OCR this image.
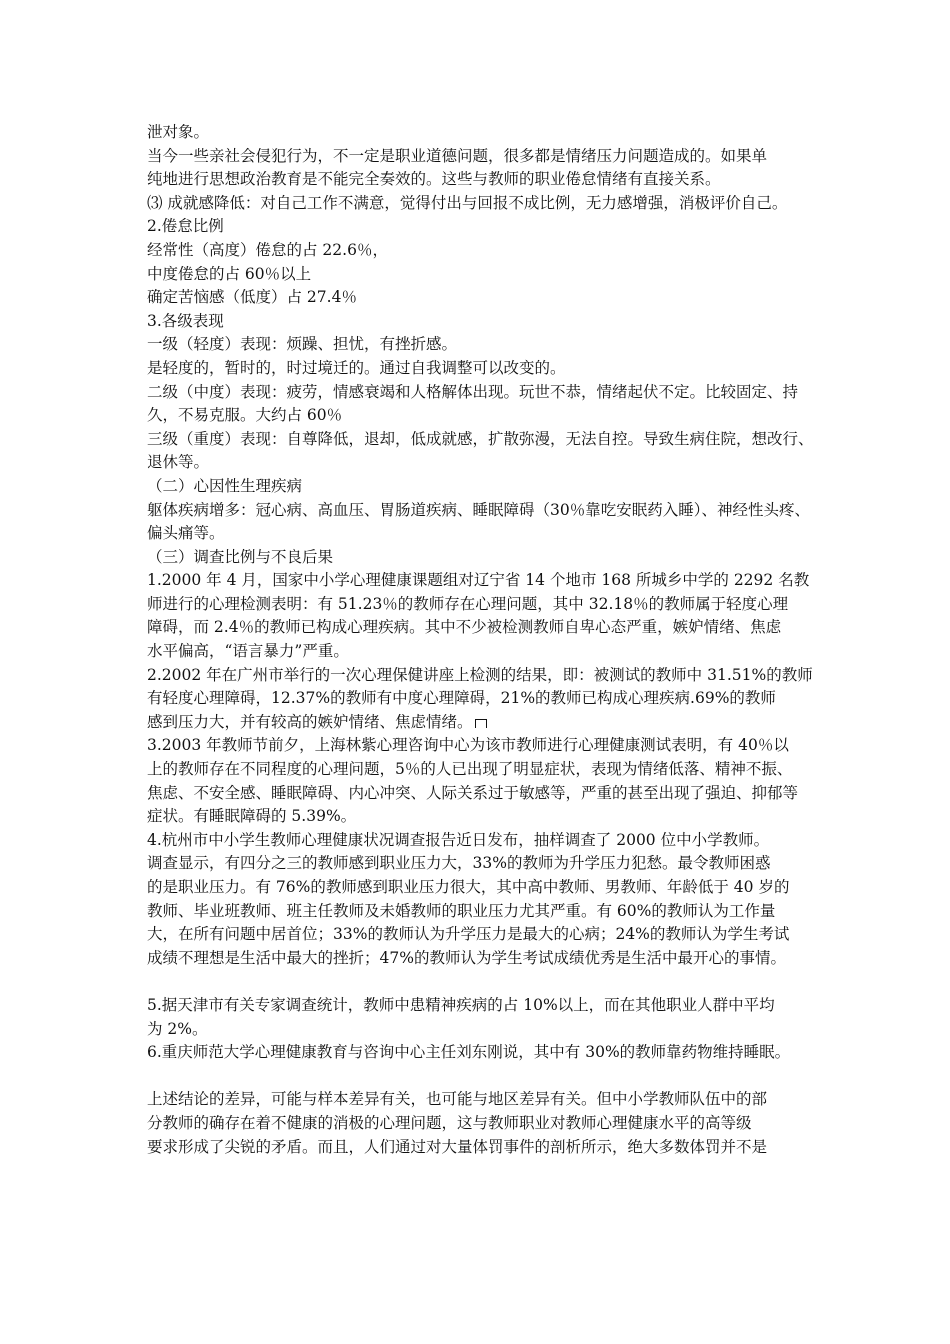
泄对象。
当今一些亲社会侵犯行为，不一定是职业道德问题，很多都是情绪压力问题造成的。如果单
纯地进行思想政治教育是不能完全奏效的。这些与教师的职业倦怠情绪有直接关系。
⑶ 成就感降低：对自己工作不满意，觉得付出与回报不成比例，无力感增强，消极评价自己。
2.倦怠比例
经常性（高度）倦怠的占 22.6％，
中度倦怠的占 60％以上
确定苦恼感（低度）占 27.4％
3.各级表现
一级（轻度）表现：烦躁、担忧，有挫折感。
是轻度的，暂时的，时过境迁的。通过自我调整可以改变的。
二级（中度）表现：疲劳，情感衰竭和人格解体出现。玩世不恭，情绪起伏不定。比较固定、持
久，不易克服。大约占 60％
三级（重度）表现：自尊降低，退却，低成就感，扩散弥漫，无法自控。导致生病住院，想改行、
退休等。
（二）心因性生理疾病
躯体疾病增多：冠心病、高血压、胃肠道疾病、睡眠障碍（30％靠吃安眠药入睡）、神经性头疼、
偏头痛等。
（三）调查比例与不良后果
1.2000 年 4 月，国家中小学心理健康课题组对辽宁省 14 个地市 168 所城乡中学的 2292 名教
师进行的心理检测表明：有 51.23％的教师存在心理问题，其中 32.18％的教师属于轻度心理
障碍，而 2.4％的教师已构成心理疾病。其中不少被检测教师自卑心态严重，嫉妒情绪、焦虑
水平偏高，“语言暴力”严重。
2.2002 年在广州市举行的一次心理保健讲座上检测的结果，即：被测试的教师中 31.51%的教师
有轻度心理障碍，12.37%的教师有中度心理障碍，21%的教师已构成心理疾病.69%的教师
感到压力大，并有较高的嫉妒情绪、焦虑情绪。
3.2003 年教师节前夕，上海林紫心理咨询中心为该市教师进行心理健康测试表明，有 40％以
上的教师存在不同程度的心理问题，5％的人已出现了明显症状，表现为情绪低落、精神不振、
焦虑、不安全感、睡眠障碍、内心冲突、人际关系过于敏感等，严重的甚至出现了强迫、抑郁等
症状。有睡眠障碍的 5.39%。
4.杭州市中小学生教师心理健康状况调查报告近日发布，抽样调查了 2000 位中小学教师。
调查显示，有四分之三的教师感到职业压力大，33%的教师为升学压力犯愁。最令教师困惑
的是职业压力。有 76%的教师感到职业压力很大，其中高中教师、男教师、年龄低于 40 岁的
教师、毕业班教师、班主任教师及未婚教师的职业压力尤其严重。有 60%的教师认为工作量
大，在所有问题中居首位；33%的教师认为升学压力是最大的心病；24%的教师认为学生考试
成绩不理想是生活中最大的挫折；47%的教师认为学生考试成绩优秀是生活中最开心的事情。
5.据天津市有关专家调查统计，教师中患精神疾病的占 10%以上，而在其他职业人群中平均
为 2%。
6.重庆师范大学心理健康教育与咨询中心主任刘东刚说，其中有 30%的教师靠药物维持睡眠。
上述结论的差异，可能与样本差异有关，也可能与地区差异有关。但中小学教师队伍中的部
分教师的确存在着不健康的消极的心理问题，这与教师职业对教师心理健康水平的高等级
要求形成了尖锐的矛盾。而且，人们通过对大量体罚事件的剖析所示，绝大多数体罚并不是
